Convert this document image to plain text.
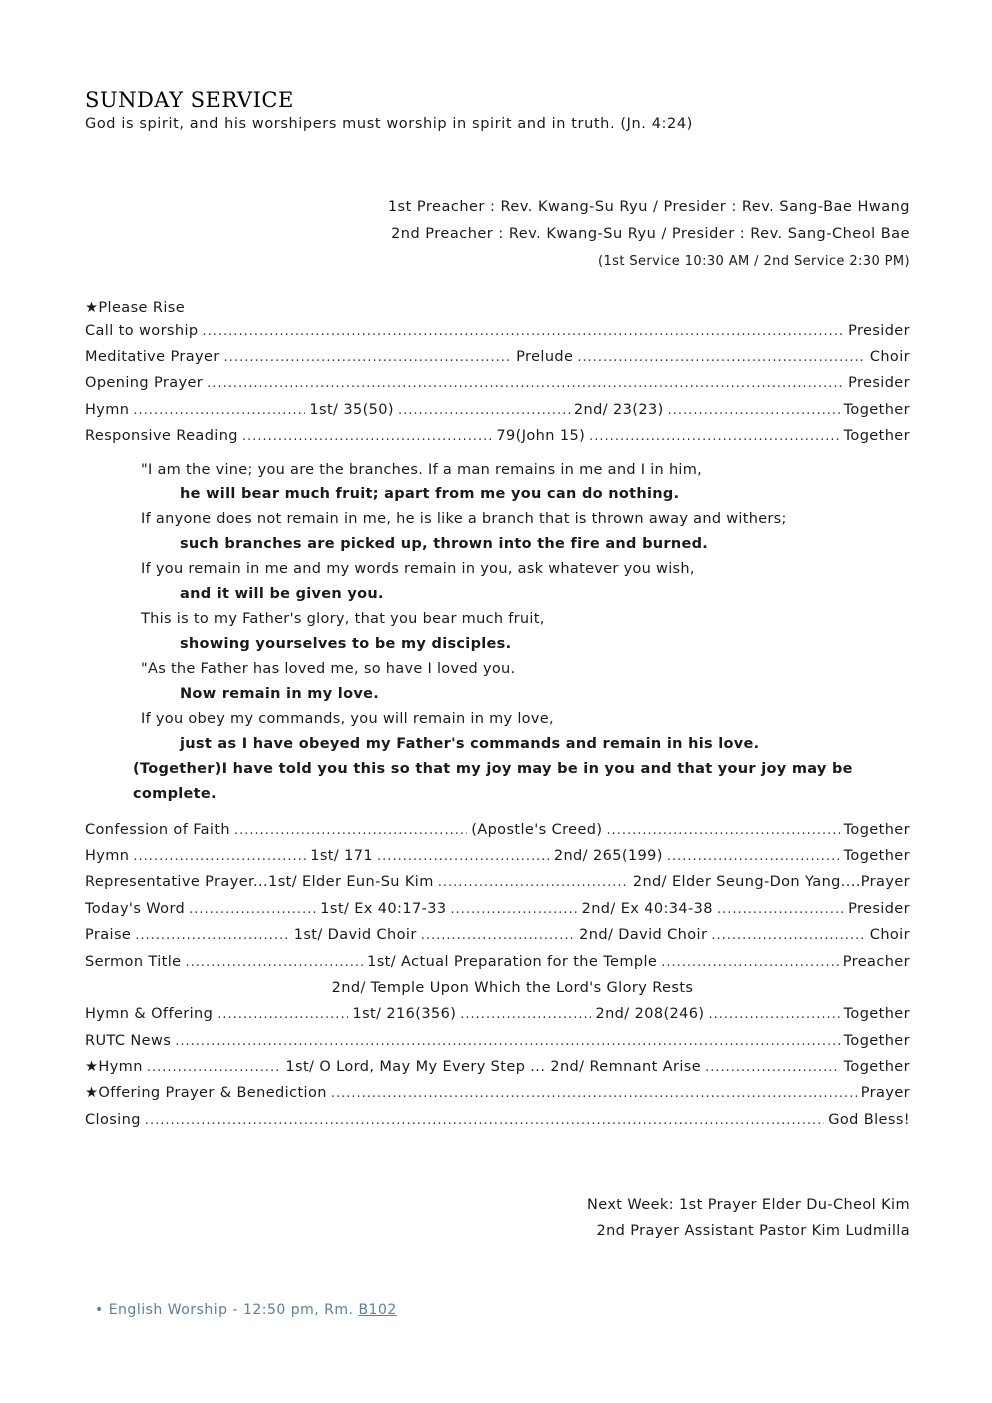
SUNDAY SERVICE

God is spirit, and his worshipers must worship in spirit and in truth. (Jn. 4:24)

1st Preacher : Rev. Kwang-Su Ryu / Presider : Rev. Sang-Bae Hwang
2nd Preacher : Rev. Kwang-Su Ryu / Presider : Rev. Sang-Cheol Bae
(1st Service 10:30 AM / 2nd Service 2:30 PM)
★Please Rise
Call to worship .....	Presider
Meditative Prayer .....	Prelude .....	Choir
Opening Prayer .....	Presider
Hymn .....	1st/ 35(50) .....	2nd/ 23(23) .....	Together
Responsive Reading .....	79(John 15) .....	Together
"I am the vine; you are the branches. If a man remains in me and I in him,
he will bear much fruit; apart from me you can do nothing.
If anyone does not remain in me, he is like a branch that is thrown away and withers;
such branches are picked up, thrown into the fire and burned.
If you remain in me and my words remain in you, ask whatever you wish,
and it will be given you.
This is to my Father's glory, that you bear much fruit,
showing yourselves to be my disciples.
"As the Father has loved me, so have I loved you.
Now remain in my love.
If you obey my commands, you will remain in my love,
just as I have obeyed my Father's commands and remain in his love.
(Together)I have told you this so that my joy may be in you and that your joy may be complete.
Confession of Faith .....	(Apostle's Creed) .....	Together
Hymn .....	1st/ 171 .....	2nd/ 265(199) .....	Together
Representative Prayer... 1st/ Elder Eun-Su Kim .....	2nd/ Elder Seung-Don Yang.... Prayer
Today's Word .....	1st/ Ex 40:17-33 .....	2nd/ Ex 40:34-38 .....	Presider
Praise .....	1st/ David Choir .....	2nd/ David Choir .....	Choir
Sermon Title .....	1st/ Actual Preparation for the Temple .....	Preacher
2nd/ Temple Upon Which the Lord's Glory Rests
Hymn & Offering .....	1st/ 216(356) .....	2nd/ 208(246) .....	Together
RUTC News .....	Together
★Hymn .....	1st/ O Lord, May My Every Step ... 2nd/ Remnant Arise .....	Together
★Offering Prayer & Benediction .....	Prayer
Closing .....	God Bless!
Next Week: 1st Prayer Elder Du-Cheol Kim
2nd Prayer Assistant Pastor Kim Ludmilla
• English Worship - 12:50 pm, Rm. B102
